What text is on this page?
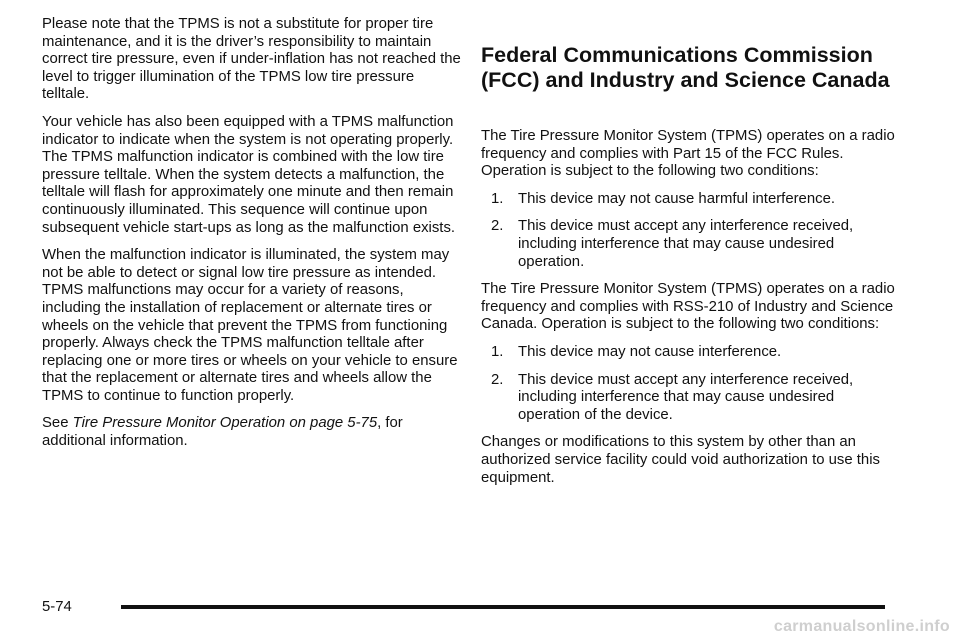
Please note that the TPMS is not a substitute for proper tire maintenance, and it is the driver’s responsibility to maintain correct tire pressure, even if under-inflation has not reached the level to trigger illumination of the TPMS low tire pressure telltale.

Your vehicle has also been equipped with a TPMS malfunction indicator to indicate when the system is not operating properly. The TPMS malfunction indicator is combined with the low tire pressure telltale. When the system detects a malfunction, the telltale will flash for approximately one minute and then remain continuously illuminated. This sequence will continue upon subsequent vehicle start-ups as long as the malfunction exists.

When the malfunction indicator is illuminated, the system may not be able to detect or signal low tire pressure as intended. TPMS malfunctions may occur for a variety of reasons, including the installation of replacement or alternate tires or wheels on the vehicle that prevent the TPMS from functioning properly. Always check the TPMS malfunction telltale after replacing one or more tires or wheels on your vehicle to ensure that the replacement or alternate tires and wheels allow the TPMS to continue to function properly.

See Tire Pressure Monitor Operation on page 5-75, for additional information.

Federal Communications Commission (FCC) and Industry and Science Canada

The Tire Pressure Monitor System (TPMS) operates on a radio frequency and complies with Part 15 of the FCC Rules. Operation is subject to the following two conditions:

1. This device may not cause harmful interference.
2. This device must accept any interference received, including interference that may cause undesired operation.

The Tire Pressure Monitor System (TPMS) operates on a radio frequency and complies with RSS-210 of Industry and Science Canada. Operation is subject to the following two conditions:

1. This device may not cause interference.
2. This device must accept any interference received, including interference that may cause undesired operation of the device.

Changes or modifications to this system by other than an authorized service facility could void authorization to use this equipment.

5-74
carmanualsonline.info
